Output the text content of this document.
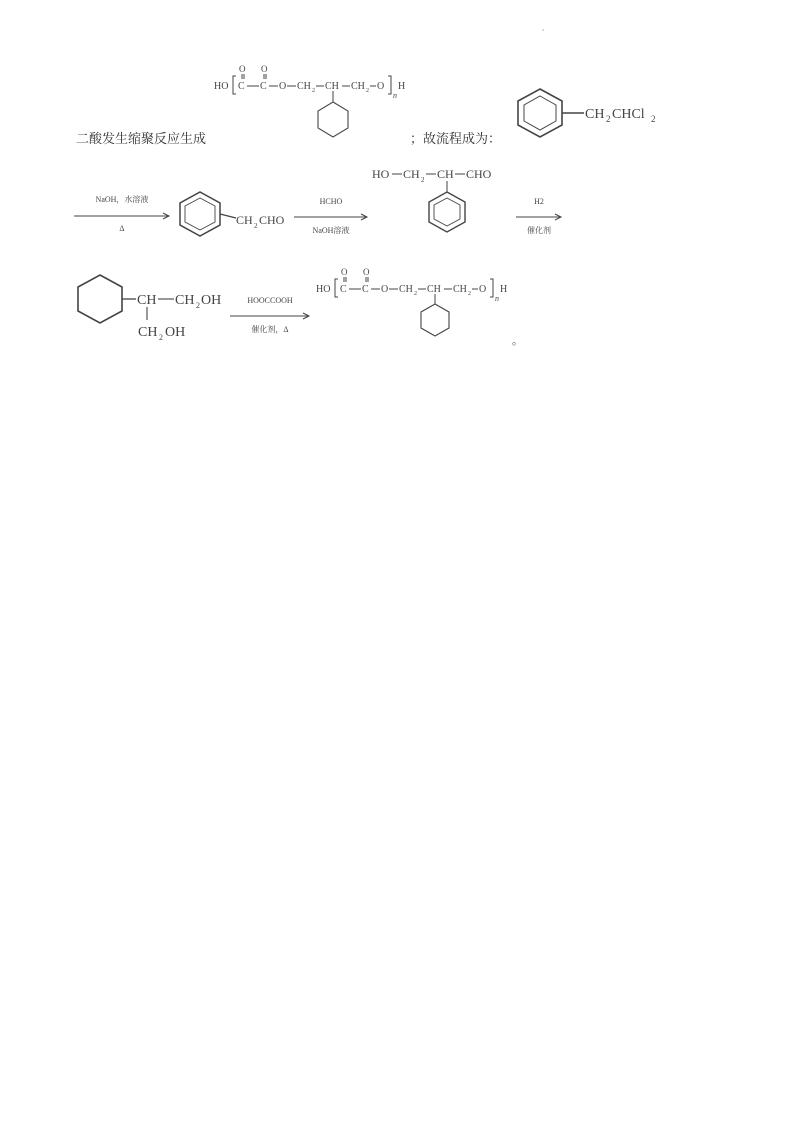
'
HO C
O
C
O
O CH 2 CH CH 2 O
n
H
二酸发生缩聚反应生成	；故流程成为：
CH 2 CHCl 2
NaOH，水溶液
Δ
CH 2 CHO
HCHO
NaOH溶液
HO CH 2 CH CHO
H2
催化剂
CH CH 2 OH
CH 2 OH
HOOCCOOH
催化剂，Δ
HO C
O
C
O
O CH 2 CH CH 2 O
n
H
。
